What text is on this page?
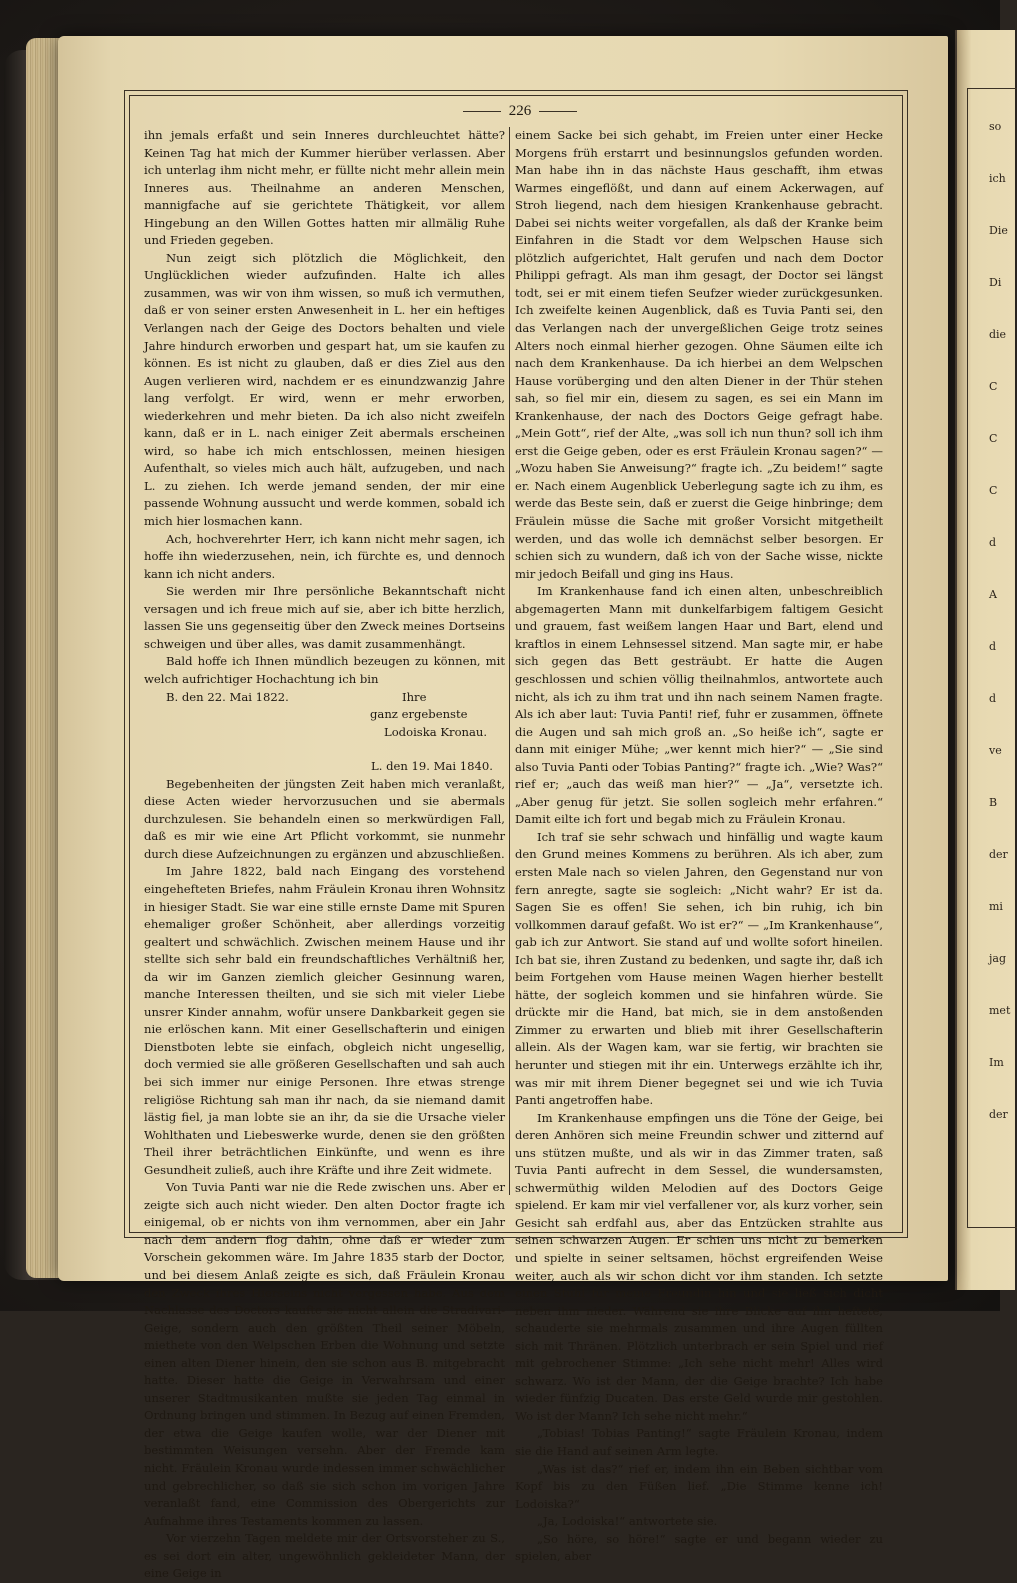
so
ich
Die
Di
die
C
C
C
d
A
d
d
ve
B
der
mi
jag
met
Im
der
226

ihn jemals erfaßt und sein Inneres durchleuchtet hätte? Keinen Tag hat mich der Kummer hierüber verlassen. Aber ich unterlag ihm nicht mehr, er füllte nicht mehr allein mein Inneres aus. Theilnahme an anderen Menschen, mannigfache auf sie gerichtete Thätigkeit, vor allem Hingebung an den Willen Gottes hatten mir allmälig Ruhe und Frieden gegeben.

Nun zeigt sich plötzlich die Möglichkeit, den Unglücklichen wieder aufzufinden. Halte ich alles zusammen, was wir von ihm wissen, so muß ich vermuthen, daß er von seiner ersten Anwesenheit in L. her ein heftiges Verlangen nach der Geige des Doctors behalten und viele Jahre hindurch erworben und gespart hat, um sie kaufen zu können. Es ist nicht zu glauben, daß er dies Ziel aus den Augen verlieren wird, nachdem er es einundzwanzig Jahre lang verfolgt. Er wird, wenn er mehr erworben, wiederkehren und mehr bieten. Da ich also nicht zweifeln kann, daß er in L. nach einiger Zeit abermals erscheinen wird, so habe ich mich entschlossen, meinen hiesigen Aufenthalt, so vieles mich auch hält, aufzugeben, und nach L. zu ziehen. Ich werde jemand senden, der mir eine passende Wohnung aussucht und werde kommen, sobald ich mich hier losmachen kann.

Ach, hochverehrter Herr, ich kann nicht mehr sagen, ich hoffe ihn wiederzusehen, nein, ich fürchte es, und dennoch kann ich nicht anders.

Sie werden mir Ihre persönliche Bekanntschaft nicht versagen und ich freue mich auf sie, aber ich bitte herzlich, lassen Sie uns gegenseitig über den Zweck meines Dortseins schweigen und über alles, was damit zusammenhängt.

Bald hoffe ich Ihnen mündlich bezeugen zu können, mit welch aufrichtiger Hochachtung ich bin

B. den 22. Mai 1822.	Ihre
ganz ergebenste
Lodoiska Kronau.
L. den 19. Mai 1840.

Begebenheiten der jüngsten Zeit haben mich veranlaßt, diese Acten wieder hervorzusuchen und sie abermals durchzulesen. Sie behandeln einen so merkwürdigen Fall, daß es mir wie eine Art Pflicht vorkommt, sie nunmehr durch diese Aufzeichnungen zu ergänzen und abzuschließen.

Im Jahre 1822, bald nach Eingang des vorstehend eingehefteten Briefes, nahm Fräulein Kronau ihren Wohnsitz in hiesiger Stadt. Sie war eine stille ernste Dame mit Spuren ehemaliger großer Schönheit, aber allerdings vorzeitig gealtert und schwächlich. Zwischen meinem Hause und ihr stellte sich sehr bald ein freundschaftliches Verhältniß her, da wir im Ganzen ziemlich gleicher Gesinnung waren, manche Interessen theilten, und sie sich mit vieler Liebe unsrer Kinder annahm, wofür unsere Dankbarkeit gegen sie nie erlöschen kann. Mit einer Gesellschafterin und einigen Dienstboten lebte sie einfach, obgleich nicht ungesellig, doch vermied sie alle größeren Gesellschaften und sah auch bei sich immer nur einige Personen. Ihre etwas strenge religiöse Richtung sah man ihr nach, da sie niemand damit lästig fiel, ja man lobte sie an ihr, da sie die Ursache vieler Wohlthaten und Liebeswerke wurde, denen sie den größten Theil ihrer beträchtlichen Einkünfte, und wenn es ihre Gesundheit zuließ, auch ihre Kräfte und ihre Zeit widmete.

Von Tuvia Panti war nie die Rede zwischen uns. Aber er zeigte sich auch nicht wieder. Den alten Doctor fragte ich einigemal, ob er nichts von ihm vernommen, aber ein Jahr nach dem andern flog dahin, ohne daß er wieder zum Vorschein gekommen wäre. Im Jahre 1835 starb der Doctor, und bei diesem Anlaß zeigte es sich, daß Fräulein Kronau den Zweck ihres Hierseins nicht vergessen habe. Aus dem Nachlasse des Doctors kaufte sie nicht allein die Stradivari-Geige, sondern auch den größten Theil seiner Möbeln, miethete von den Welpschen Erben die Wohnung und setzte einen alten Diener hinein, den sie schon aus B. mitgebracht hatte. Dieser hatte die Geige in Verwahrsam und einer unserer Stadtmusikanten mußte sie jeden Tag einmal in Ordnung bringen und stimmen. In Bezug auf einen Fremden, der etwa die Geige kaufen wolle, war der Diener mit bestimmten Weisungen versehn. Aber der Fremde kam nicht. Fräulein Kronau wurde indessen immer schwächlicher und gebrechlicher, so daß sie sich schon im vorigen Jahre veranlaßt fand, eine Commission des Obergerichts zur Aufnahme ihres Testaments kommen zu lassen.

Vor vierzehn Tagen meldete mir der Ortsvorsteher zu S., es sei dort ein alter, ungewöhnlich gekleideter Mann, der eine Geige in

einem Sacke bei sich gehabt, im Freien unter einer Hecke Morgens früh erstarrt und besinnungslos gefunden worden. Man habe ihn in das nächste Haus geschafft, ihm etwas Warmes eingeflößt, und dann auf einem Ackerwagen, auf Stroh liegend, nach dem hiesigen Krankenhause gebracht. Dabei sei nichts weiter vorgefallen, als daß der Kranke beim Einfahren in die Stadt vor dem Welpschen Hause sich plötzlich aufgerichtet, Halt gerufen und nach dem Doctor Philippi gefragt. Als man ihm gesagt, der Doctor sei längst todt, sei er mit einem tiefen Seufzer wieder zurückgesunken. Ich zweifelte keinen Augenblick, daß es Tuvia Panti sei, den das Verlangen nach der unvergeßlichen Geige trotz seines Alters noch einmal hierher gezogen. Ohne Säumen eilte ich nach dem Krankenhause. Da ich hierbei an dem Welpschen Hause vorüberging und den alten Diener in der Thür stehen sah, so fiel mir ein, diesem zu sagen, es sei ein Mann im Krankenhause, der nach des Doctors Geige gefragt habe. „Mein Gott“, rief der Alte, „was soll ich nun thun? soll ich ihm erst die Geige geben, oder es erst Fräulein Kronau sagen?“ — „Wozu haben Sie Anweisung?“ fragte ich. „Zu beidem!“ sagte er. Nach einem Augenblick Ueberlegung sagte ich zu ihm, es werde das Beste sein, daß er zuerst die Geige hinbringe; dem Fräulein müsse die Sache mit großer Vorsicht mitgetheilt werden, und das wolle ich demnächst selber besorgen. Er schien sich zu wundern, daß ich von der Sache wisse, nickte mir jedoch Beifall und ging ins Haus.

Im Krankenhause fand ich einen alten, unbeschreiblich abgemagerten Mann mit dunkelfarbigem faltigem Gesicht und grauem, fast weißem langen Haar und Bart, elend und kraftlos in einem Lehnsessel sitzend. Man sagte mir, er habe sich gegen das Bett gesträubt. Er hatte die Augen geschlossen und schien völlig theilnahmlos, antwortete auch nicht, als ich zu ihm trat und ihn nach seinem Namen fragte. Als ich aber laut: Tuvia Panti! rief, fuhr er zusammen, öffnete die Augen und sah mich groß an. „So heiße ich“, sagte er dann mit einiger Mühe; „wer kennt mich hier?“ — „Sie sind also Tuvia Panti oder Tobias Panting?“ fragte ich. „Wie? Was?“ rief er; „auch das weiß man hier?“ — „Ja“, versetzte ich. „Aber genug für jetzt. Sie sollen sogleich mehr erfahren.“ Damit eilte ich fort und begab mich zu Fräulein Kronau.

Ich traf sie sehr schwach und hinfällig und wagte kaum den Grund meines Kommens zu berühren. Als ich aber, zum ersten Male nach so vielen Jahren, den Gegenstand nur von fern anregte, sagte sie sogleich: „Nicht wahr? Er ist da. Sagen Sie es offen! Sie sehen, ich bin ruhig, ich bin vollkommen darauf gefaßt. Wo ist er?“ — „Im Krankenhause“, gab ich zur Antwort. Sie stand auf und wollte sofort hineilen. Ich bat sie, ihren Zustand zu bedenken, und sagte ihr, daß ich beim Fortgehen vom Hause meinen Wagen hierher bestellt hätte, der sogleich kommen und sie hinfahren würde. Sie drückte mir die Hand, bat mich, sie in dem anstoßenden Zimmer zu erwarten und blieb mit ihrer Gesellschafterin allein. Als der Wagen kam, war sie fertig, wir brachten sie herunter und stiegen mit ihr ein. Unterwegs erzählte ich ihr, was mir mit ihrem Diener begegnet sei und wie ich Tuvia Panti angetroffen habe.

Im Krankenhause empfingen uns die Töne der Geige, bei deren Anhören sich meine Freundin schwer und zitternd auf uns stützen mußte, und als wir in das Zimmer traten, saß Tuvia Panti aufrecht in dem Sessel, die wundersamsten, schwermüthig wilden Melodien auf des Doctors Geige spielend. Er kam mir viel verfallener vor, als kurz vorher, sein Gesicht sah erdfahl aus, aber das Entzücken strahlte aus seinen schwarzen Augen. Er schien uns nicht zu bemerken und spielte in seiner seltsamen, höchst ergreifenden Weise weiter, auch als wir schon dicht vor ihm standen. Ich setzte einen Stuhl für meine Freundin hin und sie ließ sich dicht neben ihm nieder. Während sie ihre Blicke auf ihn heftete, schauderte sie mehrmals zusammen und ihre Augen füllten sich mit Thränen. Plötzlich unterbrach er sein Spiel und rief mit gebrochener Stimme: „Ich sehe nicht mehr! Alles wird schwarz. Wo ist der Mann, der die Geige brachte? Ich habe wieder fünfzig Ducaten. Das erste Geld wurde mir gestohlen. Wo ist der Mann? Ich sehe nicht mehr.“

„Tobias! Tobias Panting!“ sagte Fräulein Kronau, indem sie die Hand auf seinen Arm legte.

„Was ist das?“ rief er, indem ihn ein Beben sichtbar vom Kopf bis zu den Füßen lief. „Die Stimme kenne ich! Lodoiska?“

„Ja, Lodoiska!“ antwortete sie.

„So höre, so höre!“ sagte er und begann wieder zu spielen, aber
